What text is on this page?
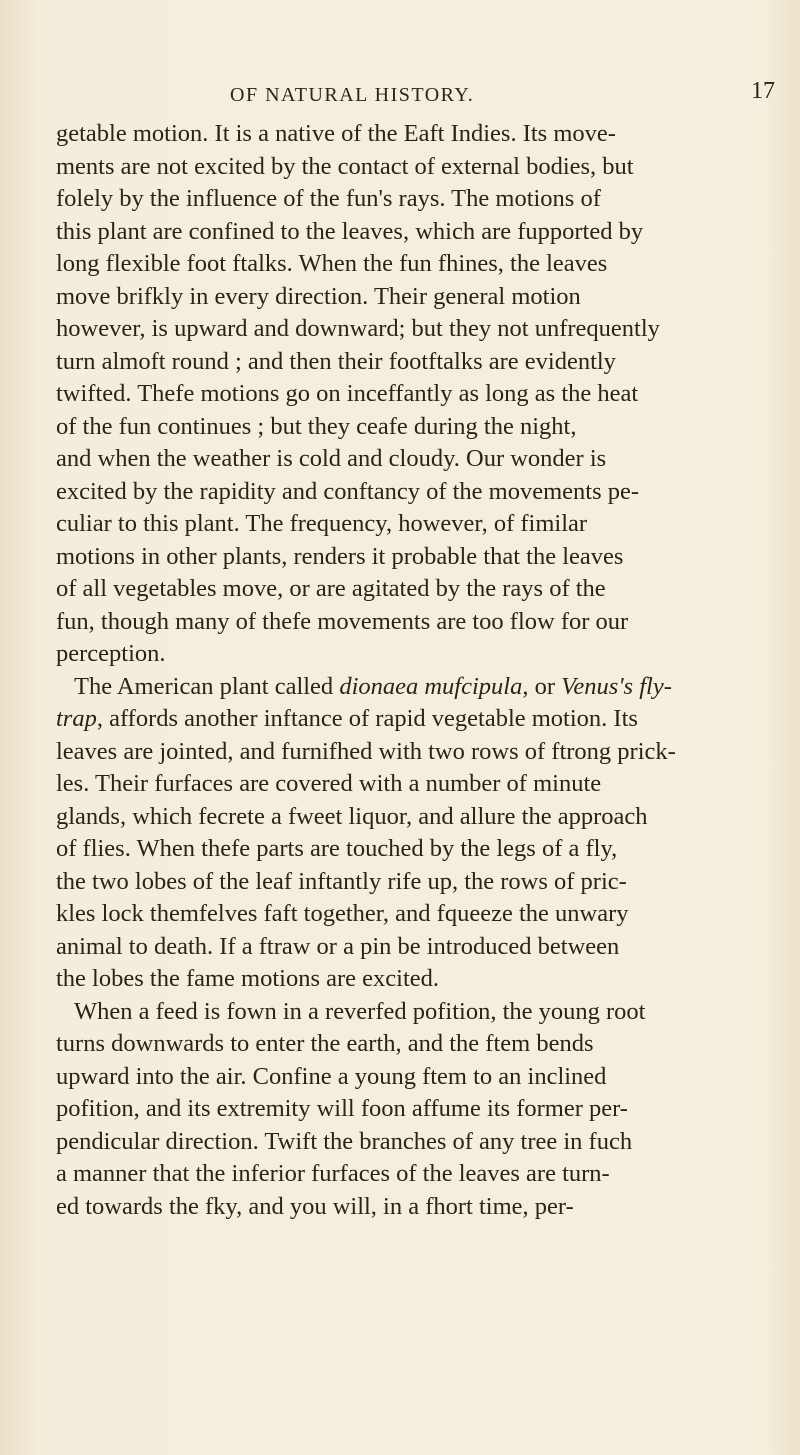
OF NATURAL HISTORY.	17
getable motion. It is a native of the Eaft Indies. Its move-
ments are not excited by the contact of external bodies, but
folely by the influence of the fun's rays. The motions of
this plant are confined to the leaves, which are fupported by
long flexible foot ftalks. When the fun fhines, the leaves
move brifkly in every direction. Their general motion
however, is upward and downward; but they not unfrequently
turn almoft round ; and then their footftalks are evidently
twifted. Thefe motions go on inceffantly as long as the heat
of the fun continues ; but they ceafe during the night,
and when the weather is cold and cloudy. Our wonder is
excited by the rapidity and conftancy of the movements pe-
culiar to this plant. The frequency, however, of fimilar
motions in other plants, renders it probable that the leaves
of all vegetables move, or are agitated by the rays of the
fun, though many of thefe movements are too flow for our
perception.
The American plant called dionaea mufcipula, or Venus's fly-
trap, affords another inftance of rapid vegetable motion. Its
leaves are jointed, and furnifhed with two rows of ftrong prick-
les. Their furfaces are covered with a number of minute
glands, which fecrete a fweet liquor, and allure the approach
of flies. When thefe parts are touched by the legs of a fly,
the two lobes of the leaf inftantly rife up, the rows of pric-
kles lock themfelves faft together, and fqueeze the unwary
animal to death. If a ftraw or a pin be introduced between
the lobes the fame motions are excited.
When a feed is fown in a reverfed pofition, the young root
turns downwards to enter the earth, and the ftem bends
upward into the air. Confine a young ftem to an inclined
pofition, and its extremity will foon affume its former per-
pendicular direction. Twift the branches of any tree in fuch
a manner that the inferior furfaces of the leaves are turn-
ed towards the fky, and you will, in a fhort time, per-
